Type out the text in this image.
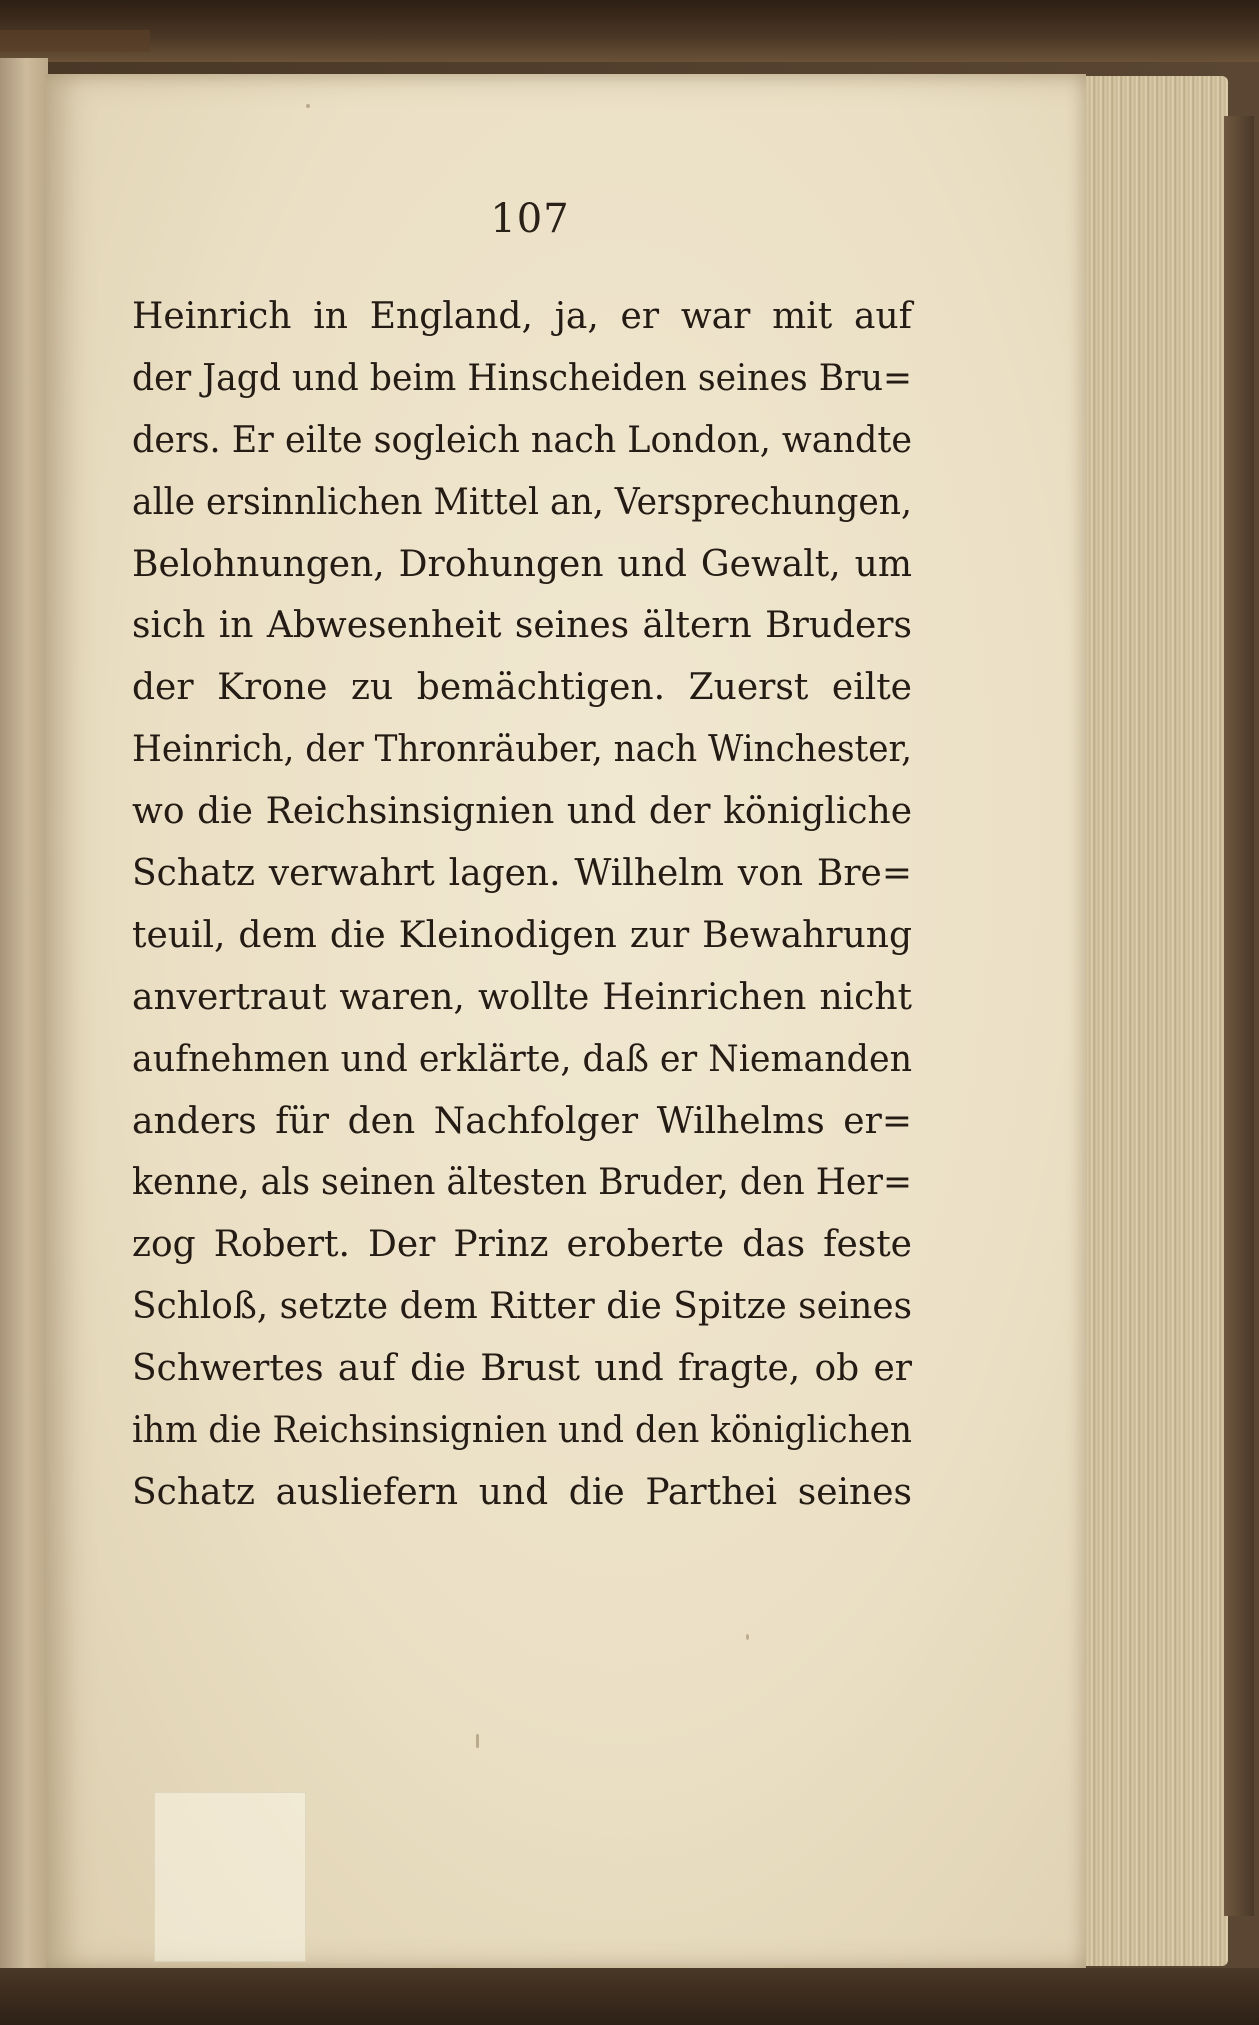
107
Heinrich in England, ja, er war mit auf
der Jagd und beim Hinscheiden seines Bru=
ders. Er eilte sogleich nach London, wandte
alle ersinnlichen Mittel an, Versprechungen,
Belohnungen, Drohungen und Gewalt, um
sich in Abwesenheit seines ältern Bruders
der Krone zu bemächtigen. Zuerst eilte
Heinrich, der Thronräuber, nach Winchester,
wo die Reichsinsignien und der königliche
Schatz verwahrt lagen. Wilhelm von Bre=
teuil, dem die Kleinodigen zur Bewahrung
anvertraut waren, wollte Heinrichen nicht
aufnehmen und erklärte, daß er Niemanden
anders für den Nachfolger Wilhelms er=
kenne, als seinen ältesten Bruder, den Her=
zog Robert. Der Prinz eroberte das feste
Schloß, setzte dem Ritter die Spitze seines
Schwertes auf die Brust und fragte, ob er
ihm die Reichsinsignien und den königlichen
Schatz ausliefern und die Parthei seines
